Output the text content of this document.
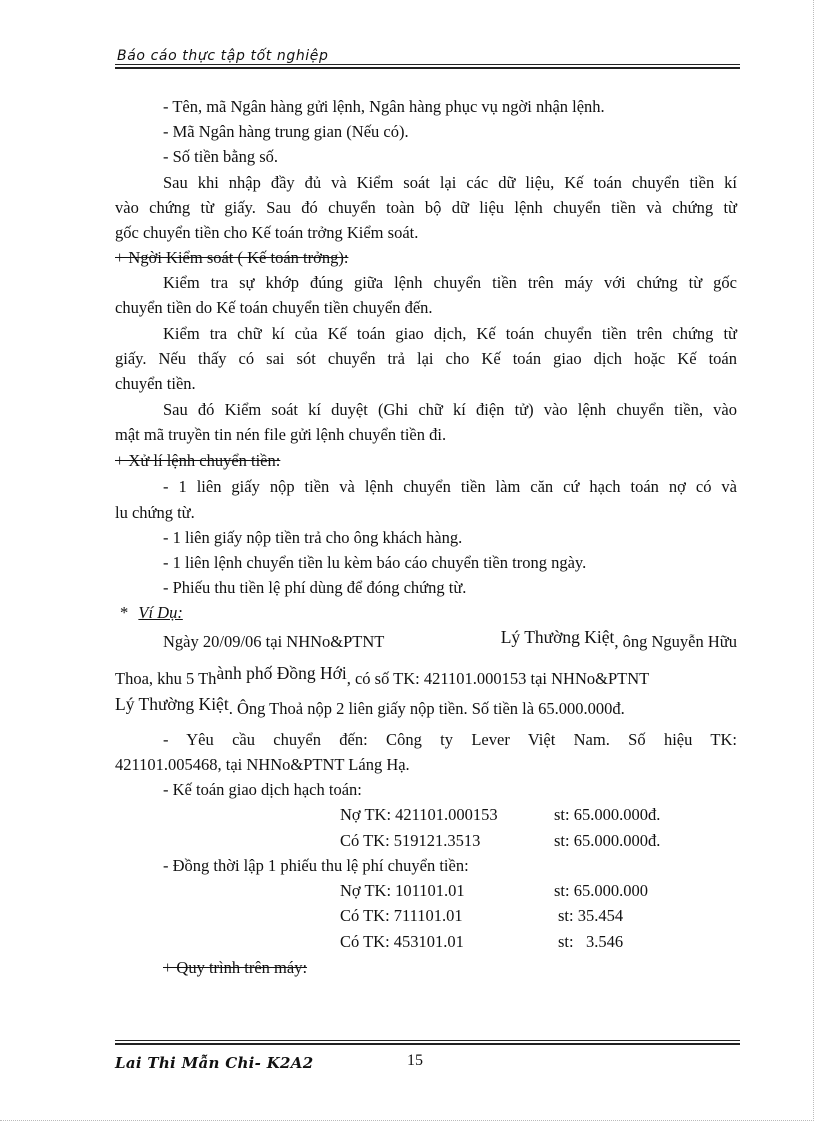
Báo cáo thực tập tốt nghiệp
- Tên, mã Ngân hàng gửi lệnh, Ngân hàng phục vụ ngời nhận lệnh.
- Mã Ngân hàng trung gian (Nếu có).
- Số tiền bằng số.
Sau khi nhập đầy đủ và Kiểm soát lại các dữ liệu, Kế toán chuyển tiền kí
vào chứng từ giấy. Sau đó chuyển toàn bộ dữ liệu lệnh chuyển tiền và chứng từ
gốc chuyển tiền cho Kế toán trởng Kiểm soát.
+ Ngời Kiểm soát ( Kế toán trởng):
Kiểm tra sự khớp đúng giữa lệnh chuyển tiền trên máy với chứng từ gốc
chuyển tiền do Kế toán chuyển tiền chuyển đến.
Kiểm tra chữ kí của Kế toán giao dịch, Kế toán chuyển tiền trên chứng từ
giấy. Nếu thấy có sai sót chuyển trả lại cho Kế toán giao dịch hoặc Kế toán
chuyển tiền.
Sau đó Kiểm soát kí duyệt (Ghi chữ kí điện tử) vào lệnh chuyển tiền, vào
mật mã truyền tin nén file gửi lệnh chuyển tiền đi.
+ Xử lí lệnh chuyển tiền:
- 1 liên giấy nộp tiền và lệnh chuyển tiền làm căn cứ hạch toán nợ có và
lu chứng từ.
- 1 liên giấy nộp tiền trả cho ông khách hàng.
- 1 liên lệnh chuyển tiền lu kèm báo cáo chuyển tiền trong ngày.
- Phiếu thu tiền lệ phí dùng để đóng chứng từ.
* Ví Dụ:
Ngày 20/09/06 tại NHNo&PTNT	Lý Thường Kiệt , ông Nguyễn Hữu
Thoa, khu 5 Thành phố Đồng Hới, có số TK: 421101.000153 tại NHNo&PTNT
Lý Thường Kiệt. Ông Thoả nộp 2 liên giấy nộp tiền. Số tiền là 65.000.000đ.
- Yêu cầu chuyển đến: Công ty Lever Việt Nam. Số hiệu TK:
421101.005468, tại NHNo&PTNT Láng Hạ.
- Kế toán giao dịch hạch toán:
Nợ TK: 421101.000153	st: 65.000.000đ.
Có TK: 519121.3513	st: 65.000.000đ.
- Đồng thời lập 1 phiếu thu lệ phí chuyển tiền:
Nợ TK: 101101.01	st: 65.000.000
Có TK: 711101.01	st: 35.454
Có TK: 453101.01	st:   3.546
+ Quy trình trên máy:
Lai Thi Mẫn Chi- K2A2	15
